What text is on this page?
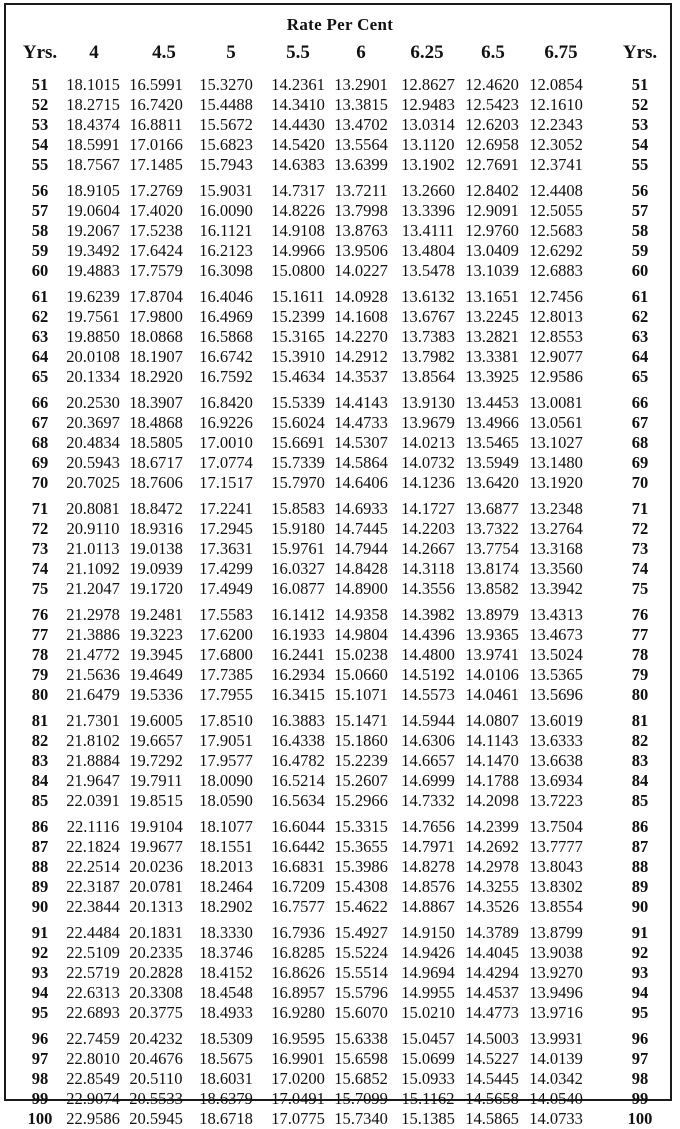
Rate Per Cent
Yrs.	Yrs.
4	4.5	5	5.5	6	6.25	6.5	6.75
51	18.1015 16.5991 15.3270	14.2361 13.2901 12.8627 12.4620 12.0854	51
52	18.2715 16.7420 15.4488	14.3410 13.3815 12.9483 12.5423 12.1610	52
53	18.4374 16.8811	15.5672	14.4430 13.4702 13.0314 12.6203 12.2343	53
54	18.5991 17.0166 15.6823	14.5420 13.5564 13.1120 12.6958 12.3052	54
55	18.7567 17.1485 15.7943	14.6383 13.6399 13.1902 12.7691 12.3741	55
56	18.9105 17.2769 15.9031	14.7317 13.7211 13.2660 12.8402 12.4408	56
57	19.0604 17.4020 16.0090	14.8226 13.7998 13.3396 12.9091 12.5055	57
58	19.2067 17.5238	16.1121	14.9108 13.8763 13.4111 12.9760 12.5683	58
59	19.3492 17.6424 16.2123	14.9966 13.9506 13.4804 13.0409 12.6292	59
60	19.4883 17.7579 16.3098	15.0800 14.0227 13.5478 13.1039 12.6883	60
61	19.6239 17.8704 16.4046	15.1611 14.0928 13.6132 13.1651 12.7456	61
62	19.7561 17.9800 16.4969	15.2399 14.1608 13.6767 13.2245 12.8013	62
63	19.8850 18.0868 16.5868	15.3165 14.2270 13.7383 13.2821 12.8553	63
64	20.0108 18.1907 16.6742	15.3910 14.2912 13.7982 13.3381 12.9077	64
65	20.1334 18.2920 16.7592	15.4634 14.3537 13.8564 13.3925 12.9586	65
66	20.2530 18.3907 16.8420	15.5339 14.4143 13.9130 13.4453 13.0081	66
67	20.3697 18.4868 16.9226	15.6024 14.4733 13.9679 13.4966 13.0561	67
68	20.4834 18.5805 17.0010	15.6691 14.5307 14.0213 13.5465 13.1027	68
69	20.5943 18.6717 17.0774	15.7339 14.5864 14.0732 13.5949 13.1480	69
70	20.7025 18.7606 17.1517	15.7970 14.6406 14.1236 13.6420 13.1920	70
71	20.8081 18.8472 17.2241	15.8583 14.6933 14.1727 13.6877 13.2348	71
72	20.9110 18.9316 17.2945	15.9180 14.7445 14.2203 13.7322 13.2764	72
73	21.0113 19.0138 17.3631	15.9761 14.7944 14.2667 13.7754 13.3168	73
74	21.1092 19.0939 17.4299	16.0327 14.8428 14.3118 13.8174 13.3560	74
75	21.2047 19.1720 17.4949	16.0877 14.8900 14.3556 13.8582 13.3942	75
76	21.2978 19.2481 17.5583	16.1412 14.9358 14.3982 13.8979 13.4313	76
77	21.3886 19.3223 17.6200	16.1933 14.9804 14.4396 13.9365 13.4673	77
78	21.4772 19.3945 17.6800	16.2441 15.0238 14.4800 13.9741 13.5024	78
79	21.5636 19.4649 17.7385	16.2934 15.0660 14.5192 14.0106 13.5365	79
80	21.6479 19.5336 17.7955	16.3415 15.1071 14.5573 14.0461 13.5696	80
81	21.7301 19.6005 17.8510	16.3883 15.1471 14.5944 14.0807 13.6019	81
82	21.8102 19.6657 17.9051	16.4338 15.1860 14.6306 14.1143 13.6333	82
83	21.8884 19.7292 17.9577	16.4782 15.2239 14.6657 14.1470 13.6638	83
84	21.9647 19.7911	18.0090	16.5214 15.2607 14.6999 14.1788 13.6934	84
85	22.0391 19.8515 18.0590	16.5634 15.2966 14.7332 14.2098 13.7223	85
86	22.1116 19.9104 18.1077	16.6044 15.3315 14.7656 14.2399 13.7504	86
87	22.1824 19.9677 18.1551	16.6442 15.3655 14.7971 14.2692 13.7777	87
88	22.2514 20.0236 18.2013	16.6831 15.3986 14.8278 14.2978 13.8043	88
89	22.3187 20.0781 18.2464	16.7209 15.4308 14.8576 14.3255 13.8302	89
90	22.3844 20.1313 18.2902	16.7577 15.4622 14.8867 14.3526 13.8554	90
91	22.4484 20.1831 18.3330	16.7936 15.4927 14.9150 14.3789 13.8799	91
92	22.5109 20.2335 18.3746	16.8285 15.5224 14.9426 14.4045 13.9038	92
93	22.5719 20.2828 18.4152	16.8626 15.5514 14.9694 14.4294 13.9270	93
94	22.6313 20.3308 18.4548	16.8957 15.5796 14.9955 14.4537 13.9496	94
95	22.6893 20.3775 18.4933	16.9280 15.6070 15.0210 14.4773 13.9716	95
96	22.7459 20.4232 18.5309	16.9595 15.6338 15.0457 14.5003 13.9931	96
97	22.8010 20.4676 18.5675	16.9901 15.6598 15.0699 14.5227 14.0139	97
98	22.8549 20.5110	18.6031	17.0200 15.6852 15.0933 14.5445 14.0342	98
99	22.9074 20.5533 18.6379	17.0491 15.7099 15.1162 14.5658 14.0540	99
100 22.9586 20.5945 18.6718	17.0775 15.7340 15.1385 14.5865 14.0733	100
